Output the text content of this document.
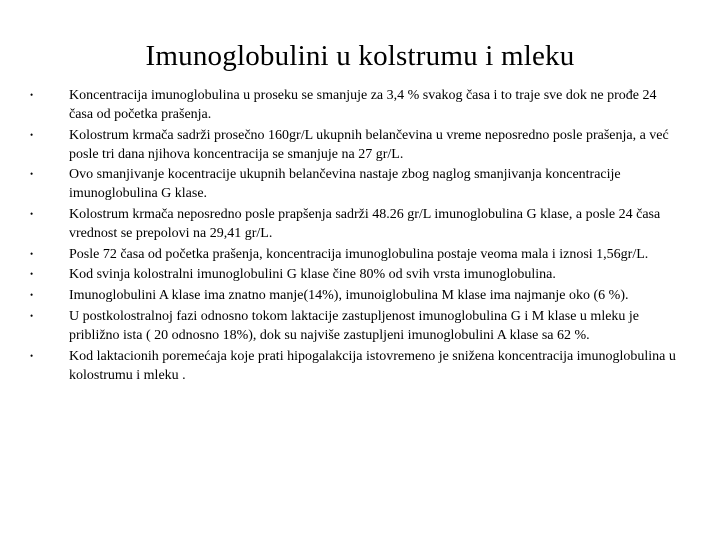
Imunoglobulini u kolstrumu i mleku
•	Koncentracija imunoglobulina u proseku se smanjuje za 3,4 % svakog časa i to traje sve dok ne prođe 24 časa od početka prašenja.
•	Kolostrum krmača sadrži prosečno 160gr/L ukupnih belančevina u vreme neposredno posle prašenja, a već posle tri dana njihova koncentracija se smanjuje na 27 gr/L.
•	Ovo smanjivanje kocentracije ukupnih belančevina nastaje zbog naglog smanjivanja koncentracije imunoglobulina G klase.
•	Kolostrum krmača neposredno posle prapšenja sadrži 48.26 gr/L imunoglobulina G klase, a posle 24 časa vrednost se prepolovi na 29,41 gr/L.
•	Posle 72 časa od početka prašenja, koncentracija imunoglobulina postaje veoma mala i iznosi 1,56gr/L.
•	Kod svinja kolostralni imunoglobulini G klase čine 80% od svih vrsta imunoglobulina.
•	Imunoglobulini A klase ima znatno manje(14%), imunoiglobulina M klase ima najmanje oko (6 %).
•	U postkolostralnoj fazi odnosno tokom laktacije zastupljenost imunoglobulina G i M klase u mleku je približno ista ( 20 odnosno 18%), dok su najviše zastupljeni imunoglobulini A klase sa 62 %.
•	Kod laktacionih poremećaja koje prati hipogalakcija istovremeno je snižena koncentracija imunoglobulina u kolostrumu i mleku .
